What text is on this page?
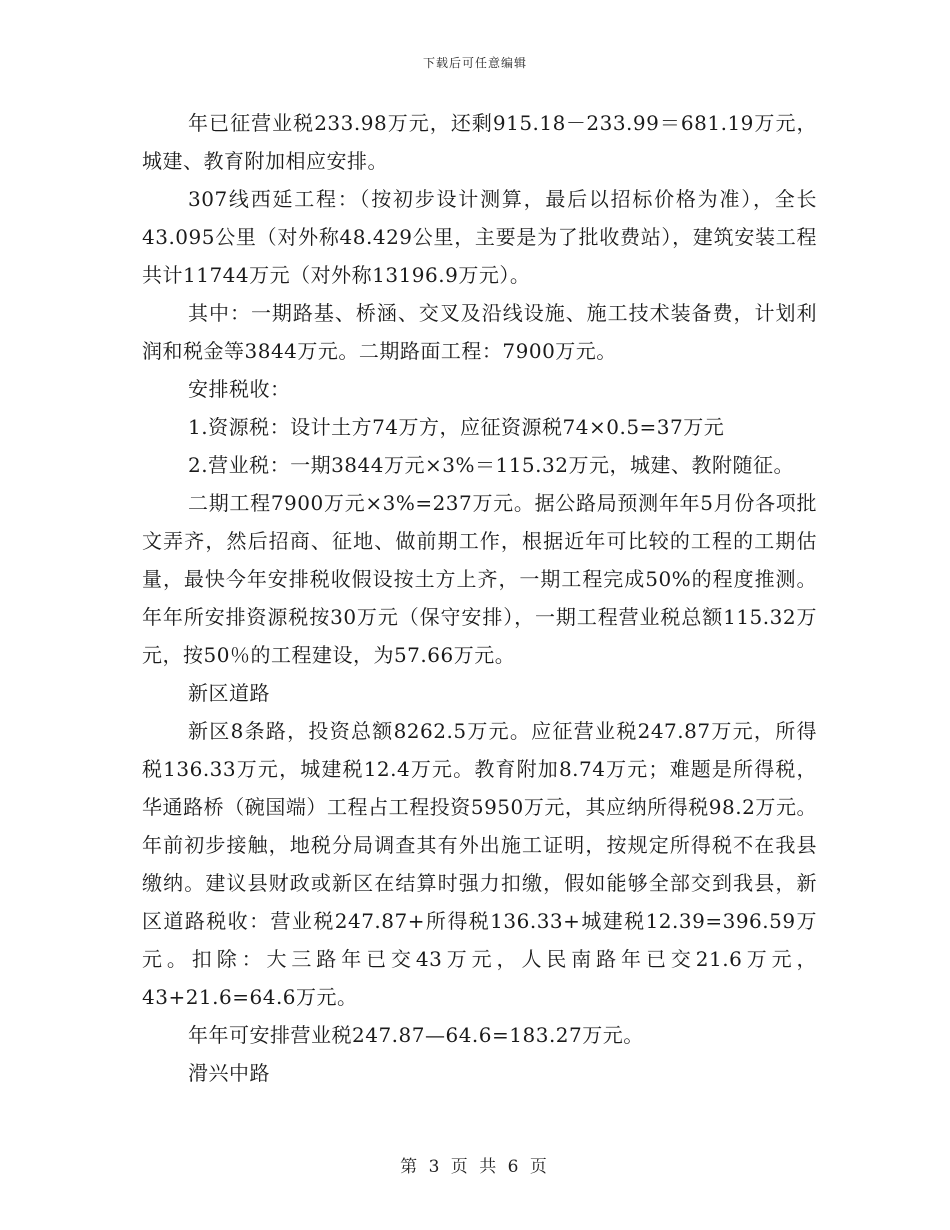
下载后可任意编辑

年已征营业税233.98万元，还剩915.18－233.99＝681.19万元，城建、教育附加相应安排。

307线西延工程：（按初步设计测算，最后以招标价格为准），全长43.095公里（对外称48.429公里，主要是为了批收费站），建筑安装工程共计11744万元（对外称13196.9万元）。

其中：一期路基、桥涵、交叉及沿线设施、施工技术装备费，计划利润和税金等3844万元。二期路面工程：7900万元。

安排税收：

1.资源税：设计土方74万方，应征资源税74×0.5=37万元

2.营业税：一期3844万元×3%＝115.32万元，城建、教附随征。

二期工程7900万元×3%=237万元。据公路局预测年年5月份各项批文弄齐，然后招商、征地、做前期工作，根据近年可比较的工程的工期估量，最快今年安排税收假设按土方上齐，一期工程完成50%的程度推测。年年所安排资源税按30万元（保守安排），一期工程营业税总额115.32万元，按50％的工程建设，为57.66万元。

新区道路

新区8条路，投资总额8262.5万元。应征营业税247.87万元，所得税136.33万元，城建税12.4万元。教育附加8.74万元；难题是所得税，华通路桥（碗国端）工程占工程投资5950万元，其应纳所得税98.2万元。年前初步接触，地税分局调查其有外出施工证明，按规定所得税不在我县缴纳。建议县财政或新区在结算时强力扣缴，假如能够全部交到我县，新区道路税收：营业税247.87+所得税136.33+城建税12.39=396.59万元。扣除：大三路年已交43万元，人民南路年已交21.6万元，43+21.6=64.6万元。

年年可安排营业税247.87—64.6=183.27万元。

滑兴中路

第 3 页 共 6 页
